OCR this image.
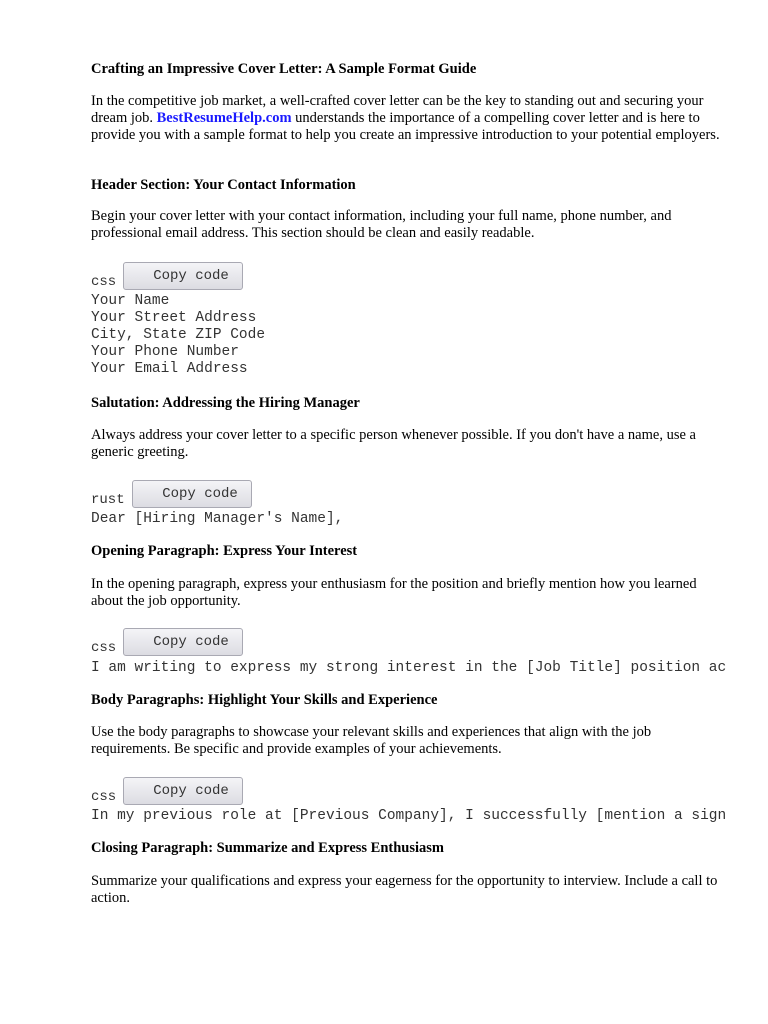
Crafting an Impressive Cover Letter: A Sample Format Guide
In the competitive job market, a well-crafted cover letter can be the key to standing out and securing your dream job. BestResumeHelp.com understands the importance of a compelling cover letter and is here to provide you with a sample format to help you create an impressive introduction to your potential employers.
Header Section: Your Contact Information
Begin your cover letter with your contact information, including your full name, phone number, and professional email address. This section should be clean and easily readable.
css	Copy code
Your Name
Your Street Address
City, State ZIP Code
Your Phone Number
Your Email Address
Salutation: Addressing the Hiring Manager
Always address your cover letter to a specific person whenever possible. If you don't have a name, use a generic greeting.
rust	Copy code
Dear [Hiring Manager's Name],
Opening Paragraph: Express Your Interest
In the opening paragraph, express your enthusiasm for the position and briefly mention how you learned about the job opportunity.
css	Copy code
I am writing to express my strong interest in the [Job Title] position ac
Body Paragraphs: Highlight Your Skills and Experience
Use the body paragraphs to showcase your relevant skills and experiences that align with the job requirements. Be specific and provide examples of your achievements.
css	Copy code
In my previous role at [Previous Company], I successfully [mention a sign
Closing Paragraph: Summarize and Express Enthusiasm
Summarize your qualifications and express your eagerness for the opportunity to interview. Include a call to action.
